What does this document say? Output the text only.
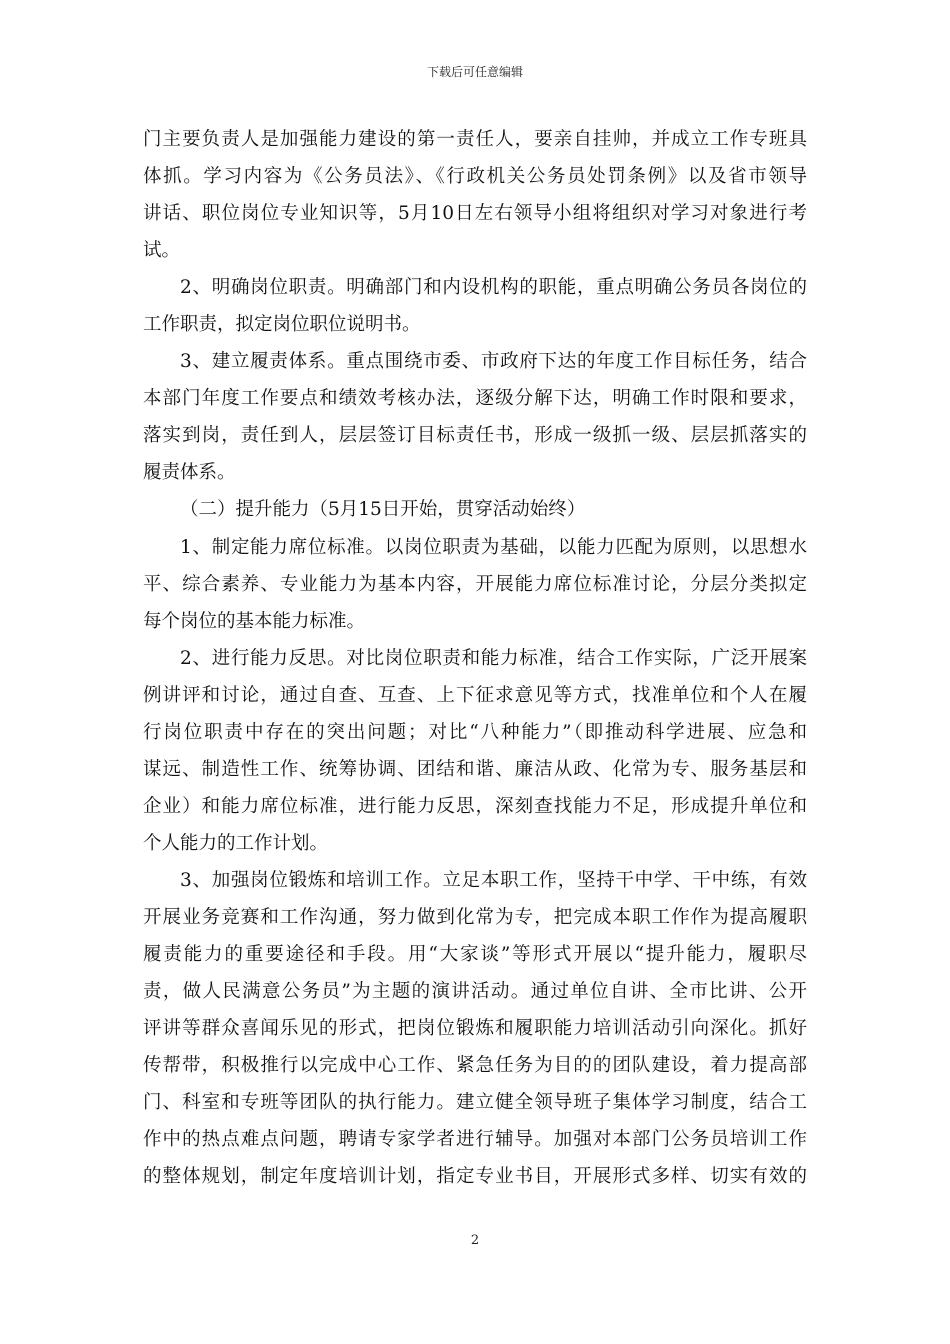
下载后可任意编辑
门主要负责人是加强能力建设的第一责任人，要亲自挂帅，并成立工作专班具
体抓。学习内容为《公务员法》、《行政机关公务员处罚条例》以及省市领导
讲话、职位岗位专业知识等，5月10日左右领导小组将组织对学习对象进行考
试。
2、明确岗位职责。明确部门和内设机构的职能，重点明确公务员各岗位的
工作职责，拟定岗位职位说明书。
3、建立履责体系。重点围绕市委、市政府下达的年度工作目标任务，结合
本部门年度工作要点和绩效考核办法，逐级分解下达，明确工作时限和要求，
落实到岗，责任到人，层层签订目标责任书，形成一级抓一级、层层抓落实的
履责体系。
（二）提升能力（5月15日开始，贯穿活动始终）
1、制定能力席位标准。以岗位职责为基础，以能力匹配为原则，以思想水
平、综合素养、专业能力为基本内容，开展能力席位标准讨论，分层分类拟定
每个岗位的基本能力标准。
2、进行能力反思。对比岗位职责和能力标准，结合工作实际，广泛开展案
例讲评和讨论，通过自查、互查、上下征求意见等方式，找准单位和个人在履
行岗位职责中存在的突出问题；对比“八种能力”（即推动科学进展、应急和
谋远、制造性工作、统筹协调、团结和谐、廉洁从政、化常为专、服务基层和
企业）和能力席位标准，进行能力反思，深刻查找能力不足，形成提升单位和
个人能力的工作计划。
3、加强岗位锻炼和培训工作。立足本职工作，坚持干中学、干中练，有效
开展业务竞赛和工作沟通，努力做到化常为专，把完成本职工作作为提高履职
履责能力的重要途径和手段。用“大家谈”等形式开展以“提升能力，履职尽
责，做人民满意公务员”为主题的演讲活动。通过单位自讲、全市比讲、公开
评讲等群众喜闻乐见的形式，把岗位锻炼和履职能力培训活动引向深化。抓好
传帮带，积极推行以完成中心工作、紧急任务为目的的团队建设，着力提高部
门、科室和专班等团队的执行能力。建立健全领导班子集体学习制度，结合工
作中的热点难点问题，聘请专家学者进行辅导。加强对本部门公务员培训工作
的整体规划，制定年度培训计划，指定专业书目，开展形式多样、切实有效的
2
